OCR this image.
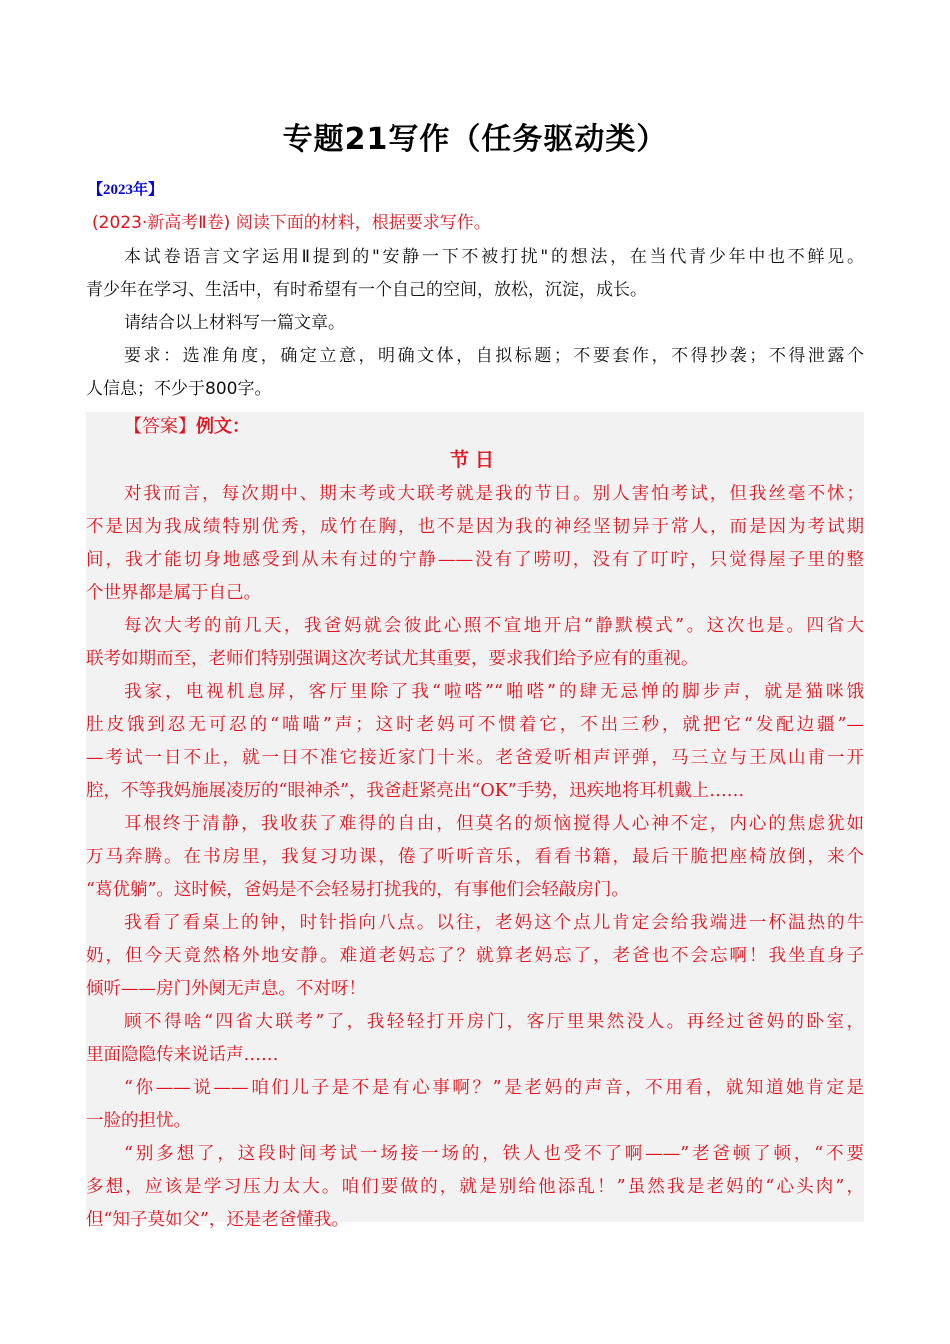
专题21写作（任务驱动类）
【2023年】
(2023·新高考Ⅱ卷) 阅读下面的材料，根据要求写作。
本试卷语言文字运用Ⅱ提到的"安静一下不被打扰"的想法，在当代青少年中也不鲜见。
青少年在学习、生活中，有时希望有一个自己的空间，放松，沉淀，成长。
请结合以上材料写一篇文章。
要求：选准角度，确定立意，明确文体，自拟标题；不要套作，不得抄袭；不得泄露个
人信息；不少于800字。
【答案】例文：
节日
对我而言，每次期中、期末考或大联考就是我的节日。别人害怕考试，但我丝毫不怵；
不是因为我成绩特别优秀，成竹在胸，也不是因为我的神经坚韧异于常人，而是因为考试期
间，我才能切身地感受到从未有过的宁静——没有了唠叨，没有了叮咛，只觉得屋子里的整
个世界都是属于自己。
每次大考的前几天，我爸妈就会彼此心照不宣地开启“静默模式”。这次也是。四省大
联考如期而至，老师们特别强调这次考试尤其重要，要求我们给予应有的重视。
我家，电视机息屏，客厅里除了我“啦嗒”“啪嗒”的肆无忌惮的脚步声，就是猫咪饿
肚皮饿到忍无可忍的“喵喵”声；这时老妈可不惯着它，不出三秒，就把它“发配边疆”—
—考试一日不止，就一日不准它接近家门十米。老爸爱听相声评弹，马三立与王凤山甫一开
腔，不等我妈施展凌厉的“眼神杀”，我爸赶紧亮出“OK”手势，迅疾地将耳机戴上……
耳根终于清静，我收获了难得的自由，但莫名的烦恼搅得人心神不定，内心的焦虑犹如
万马奔腾。在书房里，我复习功课，倦了听听音乐，看看书籍，最后干脆把座椅放倒，来个
“葛优躺”。这时候，爸妈是不会轻易打扰我的，有事他们会轻敲房门。
我看了看桌上的钟，时针指向八点。以往，老妈这个点儿肯定会给我端进一杯温热的牛
奶，但今天竟然格外地安静。难道老妈忘了？就算老妈忘了，老爸也不会忘啊！我坐直身子
倾听——房门外阒无声息。不对呀！
顾不得啥“四省大联考”了，我轻轻打开房门，客厅里果然没人。再经过爸妈的卧室，
里面隐隐传来说话声……
“你——说——咱们儿子是不是有心事啊？”是老妈的声音，不用看，就知道她肯定是
一脸的担忧。
“别多想了，这段时间考试一场接一场的，铁人也受不了啊——”老爸顿了顿，“不要
多想，应该是学习压力太大。咱们要做的，就是别给他添乱！”虽然我是老妈的“心头肉”，
但“知子莫如父”，还是老爸懂我。
